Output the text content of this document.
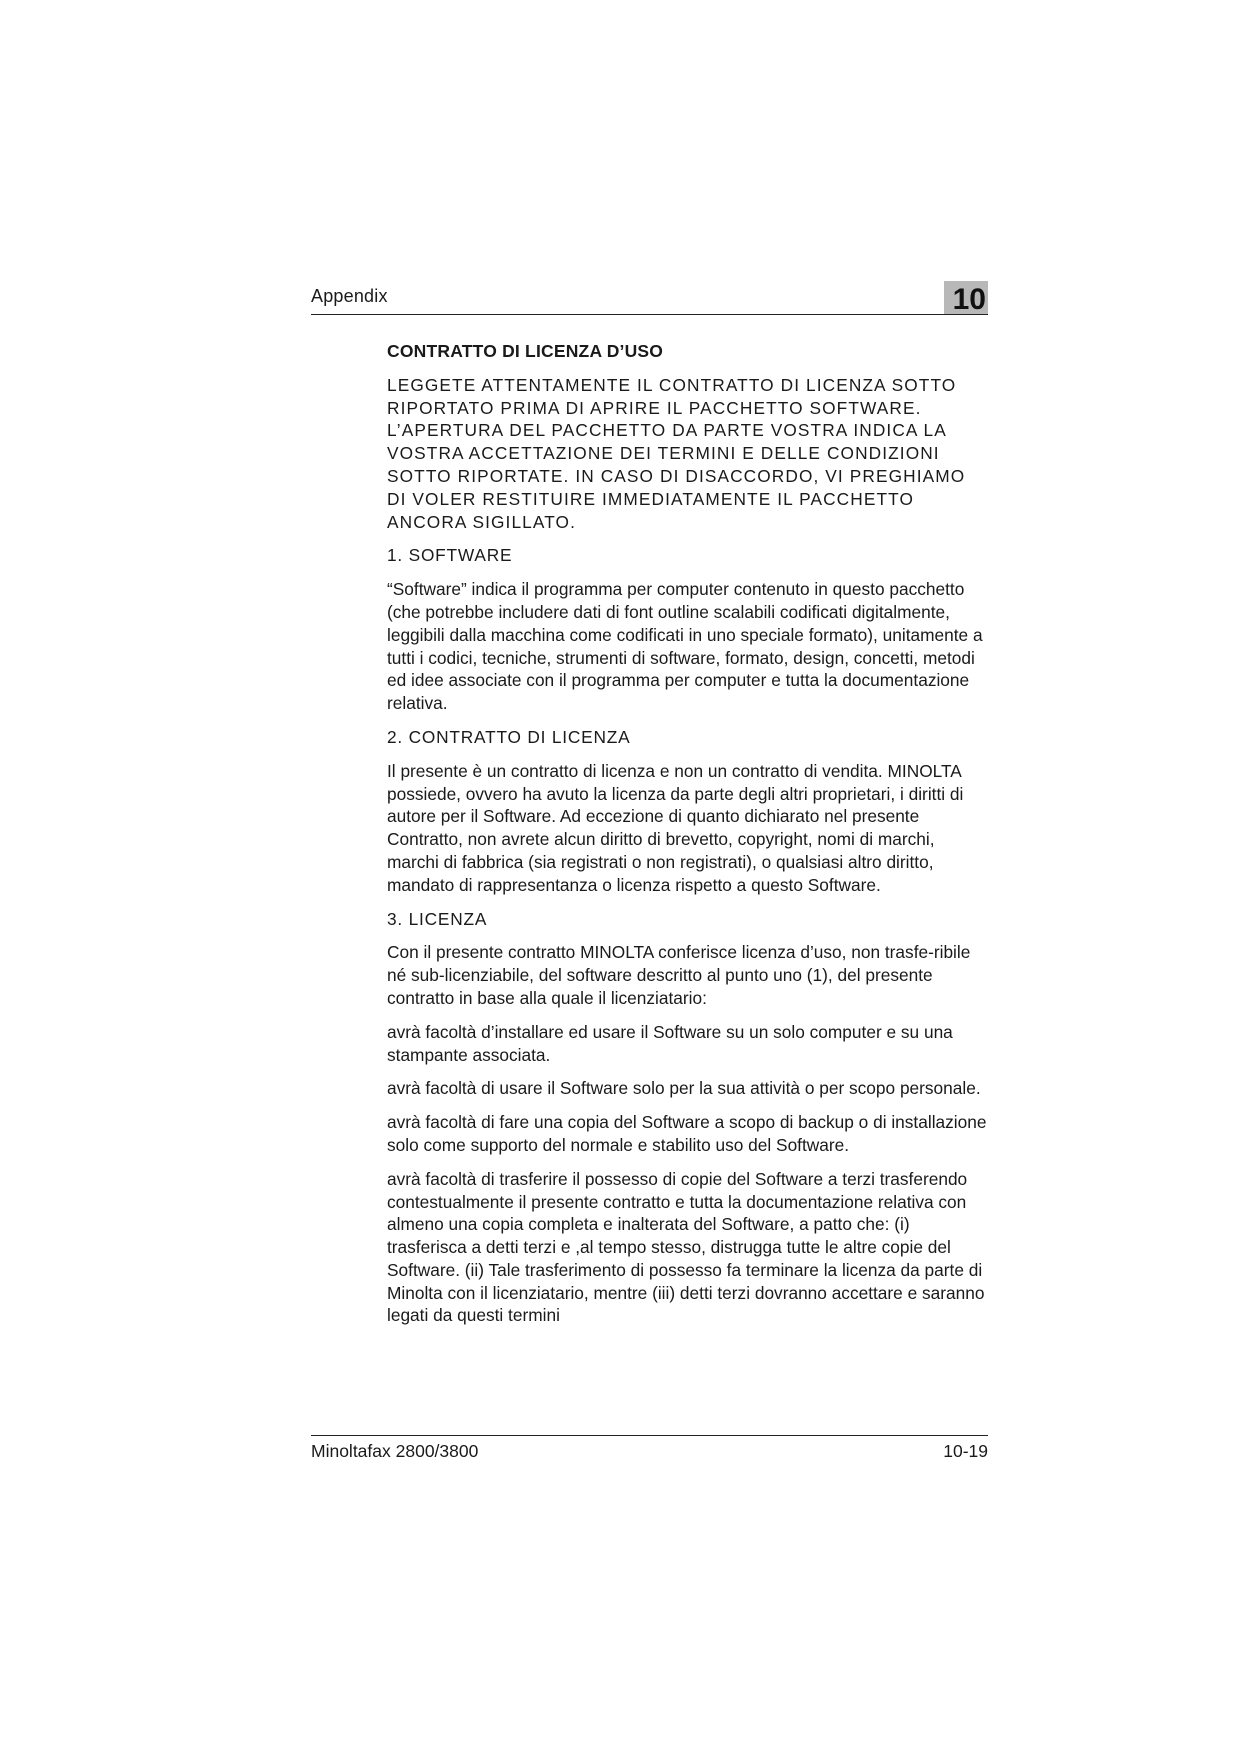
Appendix	10

CONTRATTO DI LICENZA D’USO

LEGGETE ATTENTAMENTE IL CONTRATTO DI LICENZA SOTTO RIPORTATO PRIMA DI APRIRE IL PACCHETTO SOFTWARE. L’APERTURA DEL PACCHETTO DA PARTE VOSTRA INDICA LA VOSTRA ACCETTAZIONE DEI TERMINI E DELLE CONDIZIONI SOTTO RIPORTATE. IN CASO DI DISACCORDO, VI PREGHIAMO DI VOLER RESTITUIRE IMMEDIATAMENTE IL PACCHETTO ANCORA SIGILLATO.

1. SOFTWARE

“Software” indica il programma per computer contenuto in questo pacchetto (che potrebbe includere dati di font outline scalabili codificati digitalmente, leggibili dalla macchina come codificati in uno speciale formato), unitamente a tutti i codici, tecniche, strumenti di software, formato, design, concetti, metodi ed idee associate con il programma per computer e tutta la documentazione relativa.

2. CONTRATTO DI LICENZA

Il presente è un contratto di licenza e non un contratto di vendita. MINOLTA possiede, ovvero ha avuto la licenza da parte degli altri proprietari, i diritti di autore per il Software. Ad eccezione di quanto dichiarato nel presente Contratto, non avrete alcun diritto di brevetto, copyright, nomi di marchi, marchi di fabbrica (sia registrati o non registrati), o qualsiasi altro diritto, mandato di rappresentanza o licenza rispetto a questo Software.

3. LICENZA

Con il presente contratto MINOLTA conferisce licenza d’uso, non trasfe-ribile né sub-licenziabile, del software descritto al punto uno (1), del presente contratto in base alla quale il licenziatario:

avrà facoltà d’installare ed usare il Software su un solo computer e su una stampante associata.

avrà facoltà di usare il Software solo per la sua attività o per scopo personale.

avrà facoltà di fare una copia del Software a scopo di backup o di installazione solo come supporto del normale e stabilito uso del Software.

avrà facoltà di trasferire il possesso di copie del Software a terzi trasferendo contestualmente il presente contratto e tutta la documentazione relativa con almeno una copia completa e inalterata del Software, a patto che: (i) trasferisca a detti terzi e ,al tempo stesso, distrugga tutte le altre copie del Software. (ii) Tale trasferimento di possesso fa terminare la licenza da parte di Minolta con il licenziatario, mentre (iii) detti terzi dovranno accettare e saranno legati da questi termini

Minoltafax 2800/3800	10-19
